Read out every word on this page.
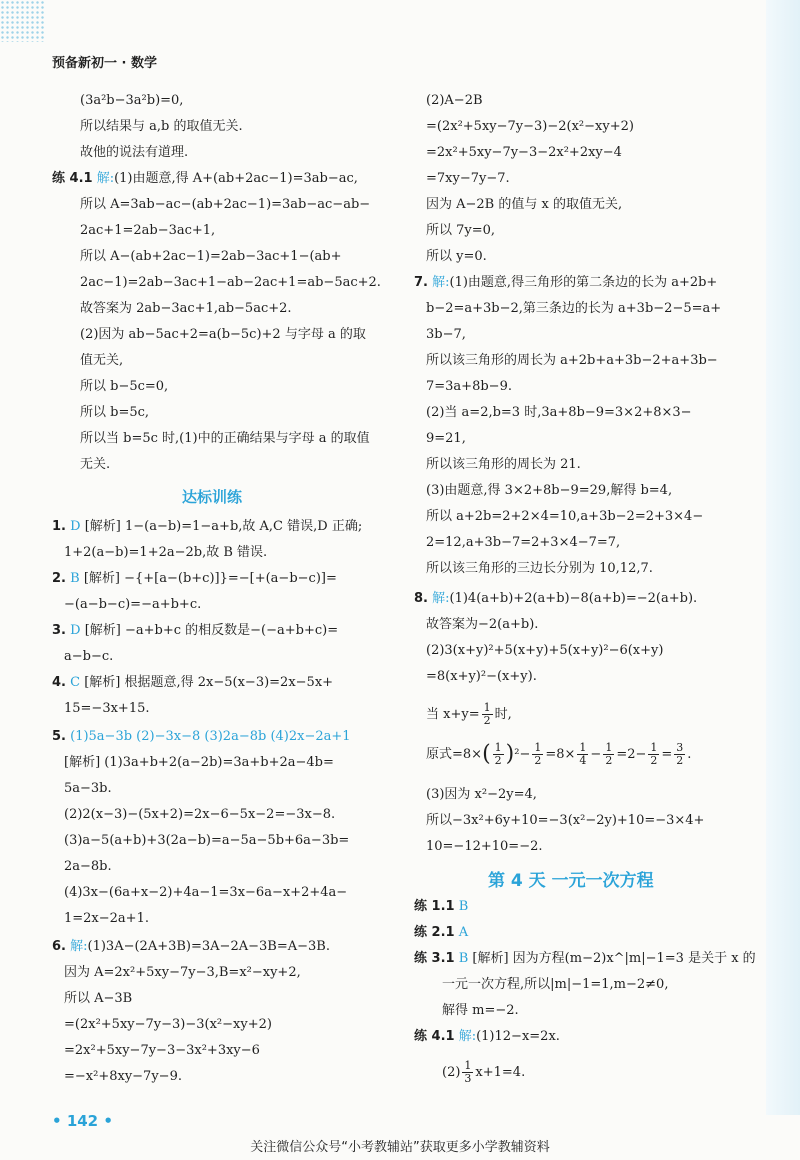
预备新初一 · 数学
(3a²b−3a²b)=0,
所以结果与 a,b 的取值无关.
故他的说法有道理.
练 4.1 解:(1)由题意,得 A+(ab+2ac−1)=3ab−ac,
所以 A=3ab−ac−(ab+2ac−1)=3ab−ac−ab−
2ac+1=2ab−3ac+1,
所以 A−(ab+2ac−1)=2ab−3ac+1−(ab+
2ac−1)=2ab−3ac+1−ab−2ac+1=ab−5ac+2.
故答案为 2ab−3ac+1,ab−5ac+2.
(2)因为 ab−5ac+2=a(b−5c)+2 与字母 a 的取
值无关,
所以 b−5c=0,
所以 b=5c,
所以当 b=5c 时,(1)中的正确结果与字母 a 的取值
无关.
达标训练
1. D [解析] 1−(a−b)=1−a+b,故 A,C 错误,D 正确;
1+2(a−b)=1+2a−2b,故 B 错误.
2. B [解析] −{+[a−(b+c)]}=−[+(a−b−c)]=
−(a−b−c)=−a+b+c.
3. D [解析] −a+b+c 的相反数是−(−a+b+c)=
a−b−c.
4. C [解析] 根据题意,得 2x−5(x−3)=2x−5x+
15=−3x+15.
5. (1)5a−3b (2)−3x−8 (3)2a−8b (4)2x−2a+1
[解析] (1)3a+b+2(a−2b)=3a+b+2a−4b=
5a−3b.
(2)2(x−3)−(5x+2)=2x−6−5x−2=−3x−8.
(3)a−5(a+b)+3(2a−b)=a−5a−5b+6a−3b=
2a−8b.
(4)3x−(6a+x−2)+4a−1=3x−6a−x+2+4a−
1=2x−2a+1.
6. 解:(1)3A−(2A+3B)=3A−2A−3B=A−3B.
因为 A=2x²+5xy−7y−3,B=x²−xy+2,
所以 A−3B
=(2x²+5xy−7y−3)−3(x²−xy+2)
=2x²+5xy−7y−3−3x²+3xy−6
=−x²+8xy−7y−9.
(2)A−2B
=(2x²+5xy−7y−3)−2(x²−xy+2)
=2x²+5xy−7y−3−2x²+2xy−4
=7xy−7y−7.
因为 A−2B 的值与 x 的取值无关,
所以 7y=0,
所以 y=0.
7. 解:(1)由题意,得三角形的第二条边的长为 a+2b+
b−2=a+3b−2,第三条边的长为 a+3b−2−5=a+
3b−7,
所以该三角形的周长为 a+2b+a+3b−2+a+3b−
7=3a+8b−9.
(2)当 a=2,b=3 时,3a+8b−9=3×2+8×3−
9=21,
所以该三角形的周长为 21.
(3)由题意,得 3×2+8b−9=29,解得 b=4,
所以 a+2b=2+2×4=10,a+3b−2=2+3×4−
2=12,a+3b−7=2+3×4−7=7,
所以该三角形的三边长分别为 10,12,7.
8. 解:(1)4(a+b)+2(a+b)−8(a+b)=−2(a+b).
故答案为−2(a+b).
(2)3(x+y)²+5(x+y)+5(x+y)²−6(x+y)
=8(x+y)²−(x+y).
当 $x+y= \frac{1}{2}$ 时,
原式$=8\times( \frac{1}{2} )^2- \frac{1}{2} =8\times \frac{1}{4} - \frac{1}{2} =2- \frac{1}{2} = \frac{3}{2}$ .
(3)因为 x²−2y=4,
所以−3x²+6y+10=−3(x²−2y)+10=−3×4+
10=−12+10=−2.
第 4 天 一元一次方程
练 1.1 B
练 2.1 A
练 3.1 B [解析] 因为方程(m−2)x^|m|−1=3 是关于 x 的
一元一次方程,所以|m|−1=1,m−2≠0,
解得 m=−2.
练 4.1 解:(1)12−x=2x.
$(2) \frac{1}{3} x+1=4$.
• 142 •
关注微信公众号“小考教辅站”获取更多小学教辅资料
